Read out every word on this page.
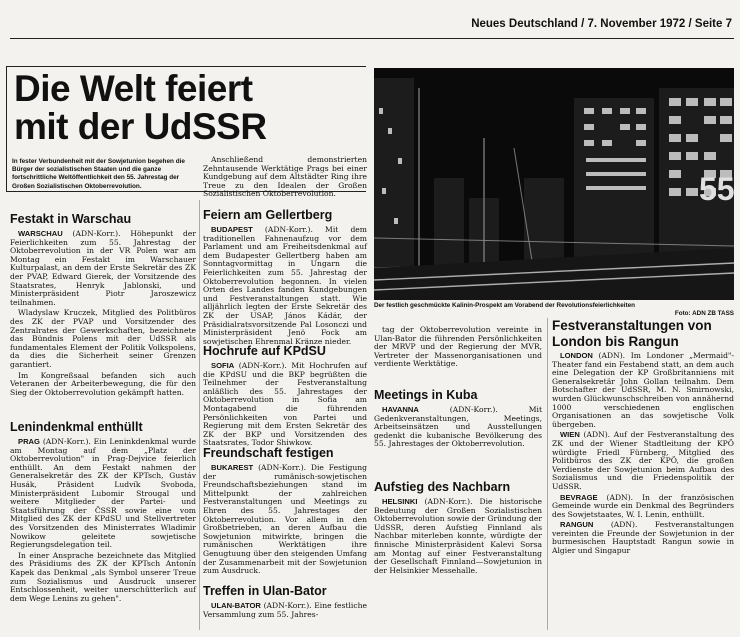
Neues Deutschland / 7. November 1972 / Seite 7
Die Welt feiert
mit der UdSSR
In fester Verbundenheit mit der Sowjetunion begehen die Bürger der sozialistischen Staaten und die ganze fortschrittliche Weltöffentlichkeit den 55. Jahrestag der Großen Sozialistischen Oktoberrevolution.
Festakt in Warschau

WARSCHAU (ADN-Korr.). Höhepunkt der Feierlichkeiten zum 55. Jahrestag der Oktoberrevolution in der VR Polen war am Montag ein Festakt im Warschauer Kulturpalast, an dem der Erste Sekretär des ZK der PVAP, Edward Gierek, der Vorsitzende des Staatsrates, Henryk Jablonski, und Ministerpräsident Piotr Jaroszewicz teilnahmen.

Wladyslaw Kruczek, Mitglied des Politbüros des ZK der PVAP und Vorsitzender des Zentralrates der Gewerkschaften, bezeichnete das Bündnis Polens mit der UdSSR als fundamentales Element der Politik Volkspolens, da dies die Sicherheit seiner Grenzen garantiert.

Im Kongreßsaal befanden sich auch Veteranen der Arbeiterbewegung, die für den Sieg der Oktoberrevolution gekämpft hatten.

Lenindenkmal enthüllt

PRAG (ADN-Korr.). Ein Leninkdenkmal wurde am Montag auf dem „Platz der Oktoberrevolution" in Prag-Dejvice feierlich enthüllt. An dem Festakt nahmen der Generalsekretär des ZK der KPTsch, Gustáv Husák, Präsident Ludvík Svoboda, Ministerpräsident Lubomir Strougal und weitere Mitglieder der Partei- und Staatsführung der ČSSR sowie eine vom Mitglied des ZK der KPdSU und Stellvertreter des Vorsitzenden des Ministerrates Wladimir Nowikow geleitete sowjetische Regierungsdelegation teil.

In einer Ansprache bezeichnete das Mitglied des Präsidiums des ZK der KPTsch Antonín Kapek das Denkmal „als Symbol unserer Treue zum Sozialismus und Ausdruck unserer Entschlossenheit, weiter unerschütterlich auf dem Wege Lenins zu gehen".

Anschließend demonstrierten Zehntausende Werktätige Prags bei einer Kundgebung auf dem Altstädter Ring ihre Treue zu den Idealen der Großen Sozialistischen Oktoberrevolution.

Feiern am Gellertberg

BUDAPEST (ADN-Korr.). Mit dem traditionellen Fahnenaufzug vor dem Parlament und am Freiheitsdenkmal auf dem Budapester Gellertberg haben am Sonntagvormittag in Ungarn die Feierlichkeiten zum 55. Jahrestag der Oktoberrevolution begonnen. In vielen Orten des Landes fanden Kundgebungen und Festveranstaltungen statt. Wie alljährlich legten der Erste Sekretär des ZK der USAP, János Kádár, der Präsidialratsvorsitzende Pal Losonczi und Ministerpräsident Jenö Fock am sowjetischen Ehrenmal Kränze nieder.

Hochrufe auf KPdSU

SOFIA (ADN-Korr.). Mit Hochrufen auf die KPdSU und die BKP begrüßten die Teilnehmer der Festveranstaltung anläßlich des 55. Jahrestages der Oktoberrevolution in Sofia am Montagabend die führenden Persönlichkeiten von Partei und Regierung mit dem Ersten Sekretär des ZK der BKP und Vorsitzenden des Staatsrates, Todor Shiwkow.

Freundschaft festigen

BUKAREST (ADN-Korr.). Die Festigung der rumänisch-sowjetischen Freundschaftsbeziehungen stand im Mittelpunkt der zahlreichen Festveranstaltungen und Meetings zu Ehren des 55. Jahrestages der Oktoberrevolution. Vor allem in den Großbetrieben, an deren Aufbau die Sowjetunion mitwirkte, bringen die rumänischen Werktätigen ihre Genugtuung über den steigenden Umfang der Zusammenarbeit mit der Sowjetunion zum Ausdruck.

Treffen in Ulan-Bator

ULAN-BATOR (ADN-Korr.). Eine festliche Versammlung zum 55. Jahres-

55
Der festlich geschmückte Kalinin-Prospekt am Vorabend der Revolutionsfeierlichkeiten
Foto: ADN ZB TASS

tag der Oktoberrevolution vereinte in Ulan-Bator die führenden Persönlichkeiten der MRVP und der Regierung der MVR, Vertreter der Massenorganisationen und verdiente Werktätige.

Meetings in Kuba

HAVANNA	(ADN-Korr.). Mit Gedenkveranstaltungen, Meetings, Arbeitseinsätzen und Ausstellungen gedenkt die kubanische Bevölkerung des 55. Jahrestages der Oktoberrevolution.

Aufstieg des Nachbarn

HELSINKI (ADN-Korr.). Die historische Bedeutung der Großen Sozialistischen Oktoberrevolution sowie der Gründung der UdSSR, deren Aufstieg Finnland als Nachbar miterleben konnte, würdigte der finnische Ministerpräsident Kalevi Sorsa am Montag auf einer Festveranstaltung der Gesellschaft Finnland—Sowjetunion in der Helsinkier Messehalle.

Festveranstaltungen von London bis Rangun

LONDON (ADN). Im Londoner „Mermaid"-Theater fand ein Festabend statt, an dem auch eine Delegation der KP Großbritanniens mit Generalsekretär John Gollan teilnahm. Dem Botschafter der UdSSR, M. N. Smirnowski, wurden Glückwunschschreiben von annähernd 1000 verschiedenen englischen Organisationen an das sowjetische Volk übergeben.

WIEN (ADN). Auf der Festveranstaltung des ZK und der Wiener Stadtleitung der KPÖ würdigte Friedl Fürnberg, Mitglied des Politbüros des ZK der KPÖ, die großen Verdienste der Sowjetunion beim Aufbau des Sozialismus und die Friedenspolitik der UdSSR.

BEVRAGE (ADN). In der französischen Gemeinde wurde ein Denkmal des Begründers des Sowjetstaates, W. I. Lenin, enthüllt.

RANGUN (ADN). Festveranstaltungen vereinten die Freunde der Sowjetunion in der burmesischen Hauptstadt Rangun sowie in Algier und Singapur
